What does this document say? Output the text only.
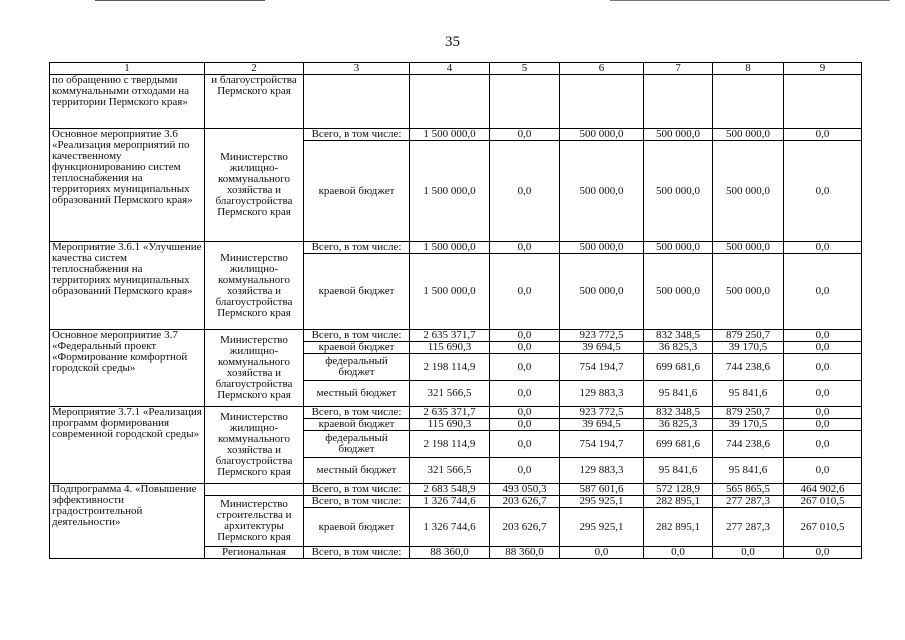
35
1	2	3	4	5	6	7	8	9
по обращению с твердыми коммунальными отходами на территории Пермского края»	и благоустройства Пермского края							
Основное мероприятие 3.6 «Реализация мероприятий по качественному функционированию систем теплоснабжения на территориях муниципальных образований Пермского края»	Министерство жилищно-коммунального хозяйства и благоустройства Пермского края	Всего, в том числе:	1 500 000,0	0,0	500 000,0	500 000,0	500 000,0	0,0
		краевой бюджет	1 500 000,0	0,0	500 000,0	500 000,0	500 000,0	0,0
Мероприятие 3.6.1 «Улучшение качества систем теплоснабжения на территориях муниципальных образований Пермского края»	Министерство жилищно-коммунального хозяйства и благоустройства Пермского края	Всего, в том числе:	1 500 000,0	0,0	500 000,0	500 000,0	500 000,0	0,0
		краевой бюджет	1 500 000,0	0,0	500 000,0	500 000,0	500 000,0	0,0
Основное мероприятие 3.7 «Федеральный проект «Формирование комфортной городской среды»	Министерство жилищно-коммунального хозяйства и благоустройства Пермского края	Всего, в том числе:	2 635 371,7	0,0	923 772,5	832 348,5	879 250,7	0,0
		краевой бюджет	115 690,3	0,0	39 694,5	36 825,3	39 170,5	0,0
		федеральный бюджет	2 198 114,9	0,0	754 194,7	699 681,6	744 238,6	0,0
		местный бюджет	321 566,5	0,0	129 883,3	95 841,6	95 841,6	0,0
Мероприятие 3.7.1 «Реализация программ формирования современной городской среды»	Министерство жилищно-коммунального хозяйства и благоустройства Пермского края	Всего, в том числе:	2 635 371,7	0,0	923 772,5	832 348,5	879 250,7	0,0
		краевой бюджет	115 690,3	0,0	39 694,5	36 825,3	39 170,5	0,0
		федеральный бюджет	2 198 114,9	0,0	754 194,7	699 681,6	744 238,6	0,0
		местный бюджет	321 566,5	0,0	129 883,3	95 841,6	95 841,6	0,0
Подпрограмма 4. «Повышение эффективности градостроительной деятельности»		Всего, в том числе:	2 683 548,9	493 050,3	587 601,6	572 128,9	565 865,5	464 902,6
	Министерство строительства и архитектуры Пермского края	Всего, в том числе:	1 326 744,6	203 626,7	295 925,1	282 895,1	277 287,3	267 010,5
		краевой бюджет	1 326 744,6	203 626,7	295 925,1	282 895,1	277 287,3	267 010,5
	Региональная	Всего, в том числе:	88 360,0	88 360,0	0,0	0,0	0,0	0,0
